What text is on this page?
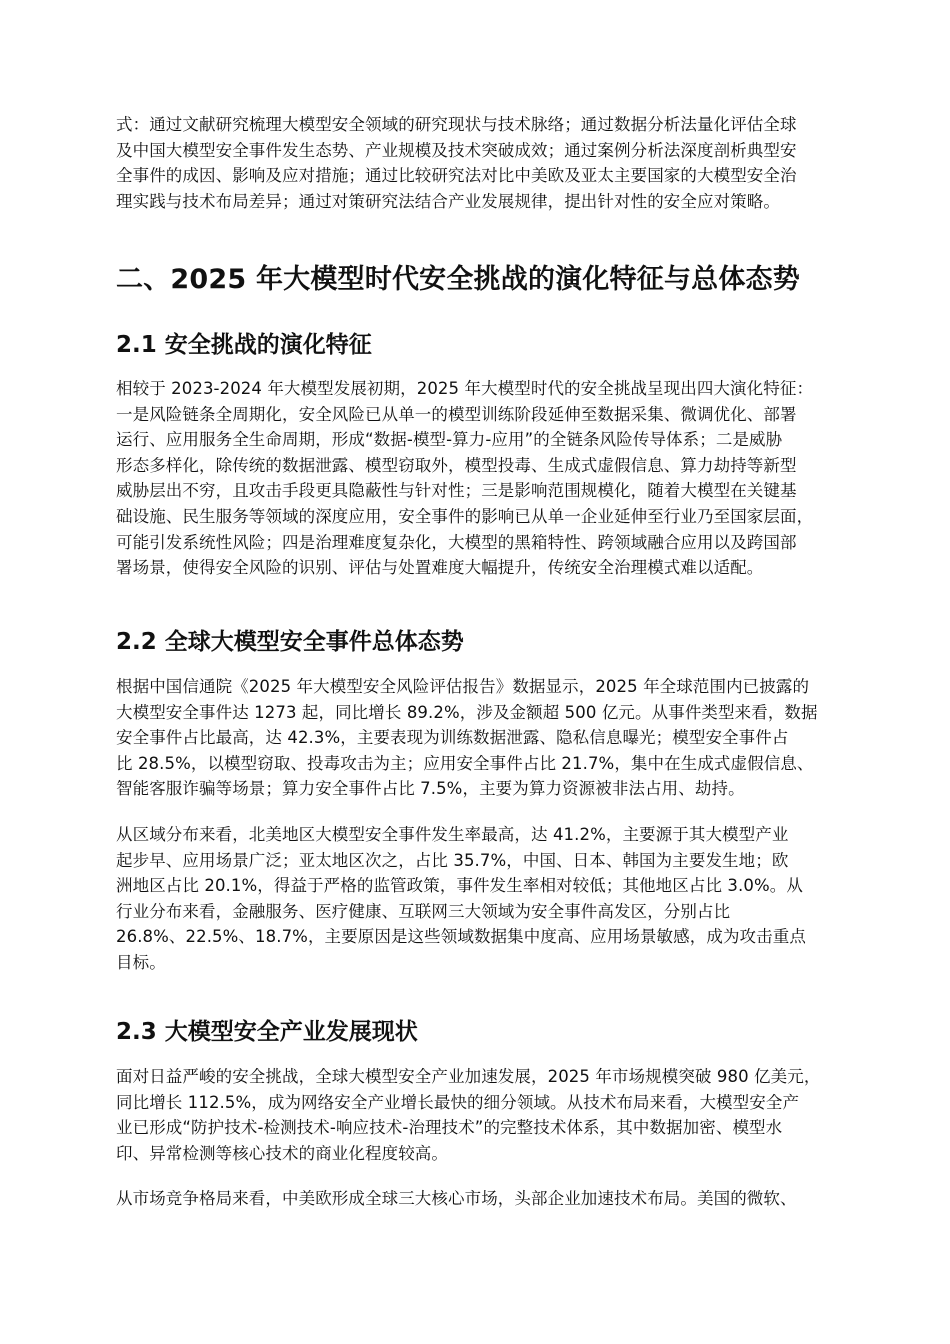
式：通过文献研究梳理大模型安全领域的研究现状与技术脉络；通过数据分析法量化评估全球
及中国大模型安全事件发生态势、产业规模及技术突破成效；通过案例分析法深度剖析典型安
全事件的成因、影响及应对措施；通过比较研究法对比中美欧及亚太主要国家的大模型安全治
理实践与技术布局差异；通过对策研究法结合产业发展规律，提出针对性的安全应对策略。

二、2025 年大模型时代安全挑战的演化特征与总体态势
2.1 安全挑战的演化特征

相较于 2023-2024 年大模型发展初期，2025 年大模型时代的安全挑战呈现出四大演化特征：
一是风险链条全周期化，安全风险已从单一的模型训练阶段延伸至数据采集、微调优化、部署
运行、应用服务全生命周期，形成“数据-模型-算力-应用”的全链条风险传导体系；二是威胁
形态多样化，除传统的数据泄露、模型窃取外，模型投毒、生成式虚假信息、算力劫持等新型
威胁层出不穷，且攻击手段更具隐蔽性与针对性；三是影响范围规模化，随着大模型在关键基
础设施、民生服务等领域的深度应用，安全事件的影响已从单一企业延伸至行业乃至国家层面，
可能引发系统性风险；四是治理难度复杂化，大模型的黑箱特性、跨领域融合应用以及跨国部
署场景，使得安全风险的识别、评估与处置难度大幅提升，传统安全治理模式难以适配。

2.2 全球大模型安全事件总体态势

根据中国信通院《2025 年大模型安全风险评估报告》数据显示，2025 年全球范围内已披露的
大模型安全事件达 1273 起，同比增长 89.2%，涉及金额超 500 亿元。从事件类型来看，数据
安全事件占比最高，达 42.3%，主要表现为训练数据泄露、隐私信息曝光；模型安全事件占
比 28.5%，以模型窃取、投毒攻击为主；应用安全事件占比 21.7%，集中在生成式虚假信息、
智能客服诈骗等场景；算力安全事件占比 7.5%，主要为算力资源被非法占用、劫持。

从区域分布来看，北美地区大模型安全事件发生率最高，达 41.2%，主要源于其大模型产业
起步早、应用场景广泛；亚太地区次之，占比 35.7%，中国、日本、韩国为主要发生地；欧
洲地区占比 20.1%，得益于严格的监管政策，事件发生率相对较低；其他地区占比 3.0%。从
行业分布来看，金融服务、医疗健康、互联网三大领域为安全事件高发区，分别占比
26.8%、22.5%、18.7%，主要原因是这些领域数据集中度高、应用场景敏感，成为攻击重点
目标。

2.3 大模型安全产业发展现状

面对日益严峻的安全挑战，全球大模型安全产业加速发展，2025 年市场规模突破 980 亿美元，
同比增长 112.5%，成为网络安全产业增长最快的细分领域。从技术布局来看，大模型安全产
业已形成“防护技术-检测技术-响应技术-治理技术”的完整技术体系，其中数据加密、模型水
印、异常检测等核心技术的商业化程度较高。

从市场竞争格局来看，中美欧形成全球三大核心市场，头部企业加速技术布局。美国的微软、
